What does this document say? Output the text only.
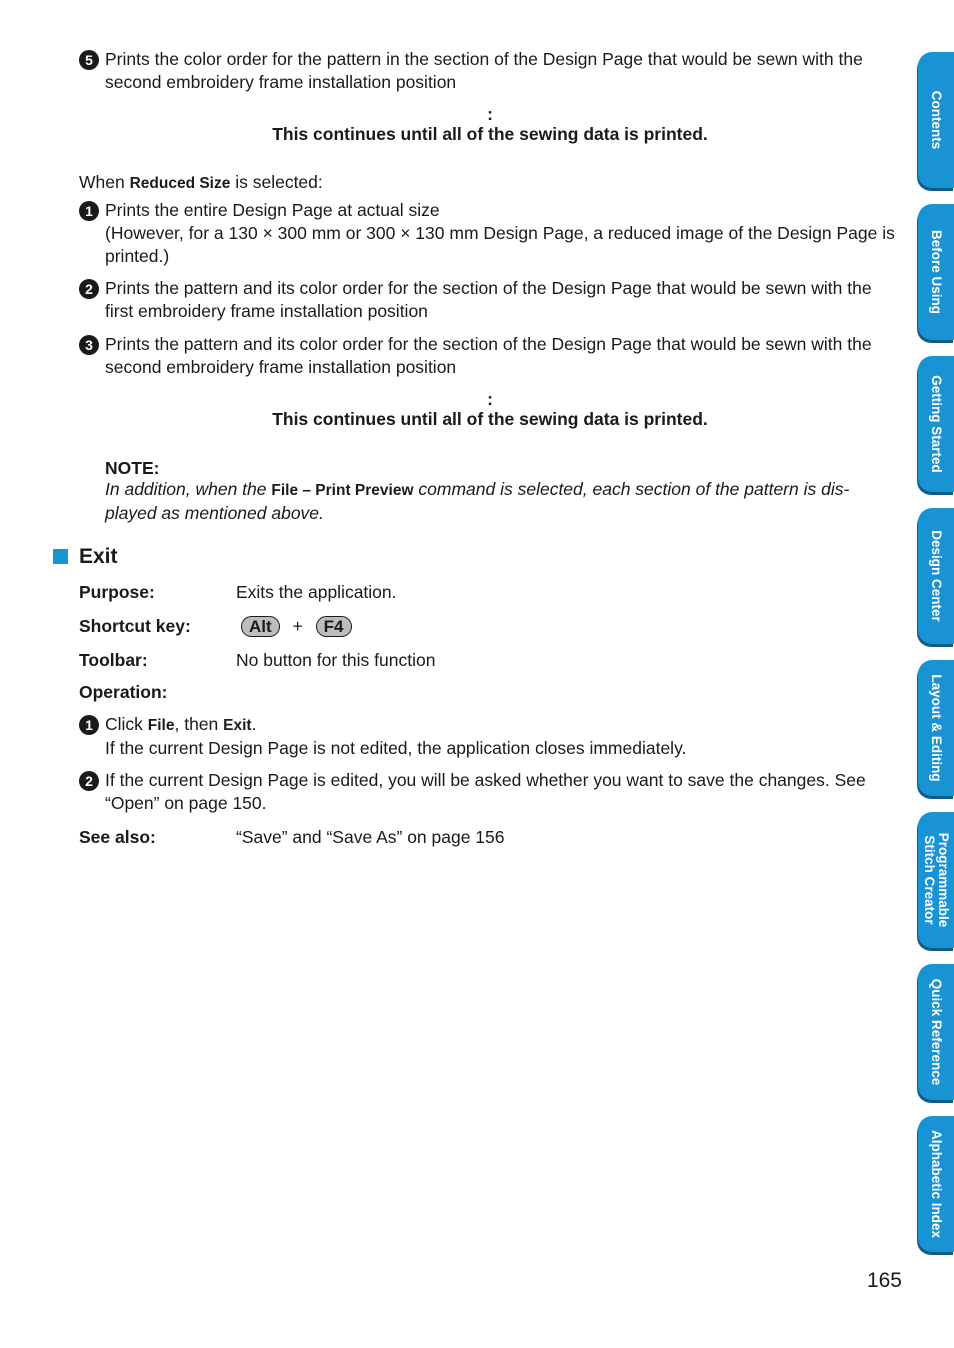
5 Prints the color order for the pattern in the section of the Design Page that would be sewn with the second embroidery frame installation position
:
This continues until all of the sewing data is printed.
When Reduced Size is selected:
1 Prints the entire Design Page at actual size
(However, for a 130 × 300 mm or 300 × 130 mm Design Page, a reduced image of the Design Page is printed.)
2 Prints the pattern and its color order for the section of the Design Page that would be sewn with the first embroidery frame installation position
3 Prints the pattern and its color order for the section of the Design Page that would be sewn with the second embroidery frame installation position
:
This continues until all of the sewing data is printed.
NOTE:
In addition, when the File – Print Preview command is selected, each section of the pattern is dis-played as mentioned above.
Exit
Purpose:	Exits the application.
Shortcut key:	Alt + F4
Toolbar:	No button for this function
Operation:
1 Click File, then Exit.
If the current Design Page is not edited, the application closes immediately.
2 If the current Design Page is edited, you will be asked whether you want to save the changes. See “Open” on page 150.
See also:	“Save” and “Save As” on page 156
165
Contents
Before Using
Getting Started
Design Center
Layout & Editing
Programmable Stitch Creator
Quick Reference
Alphabetic Index
